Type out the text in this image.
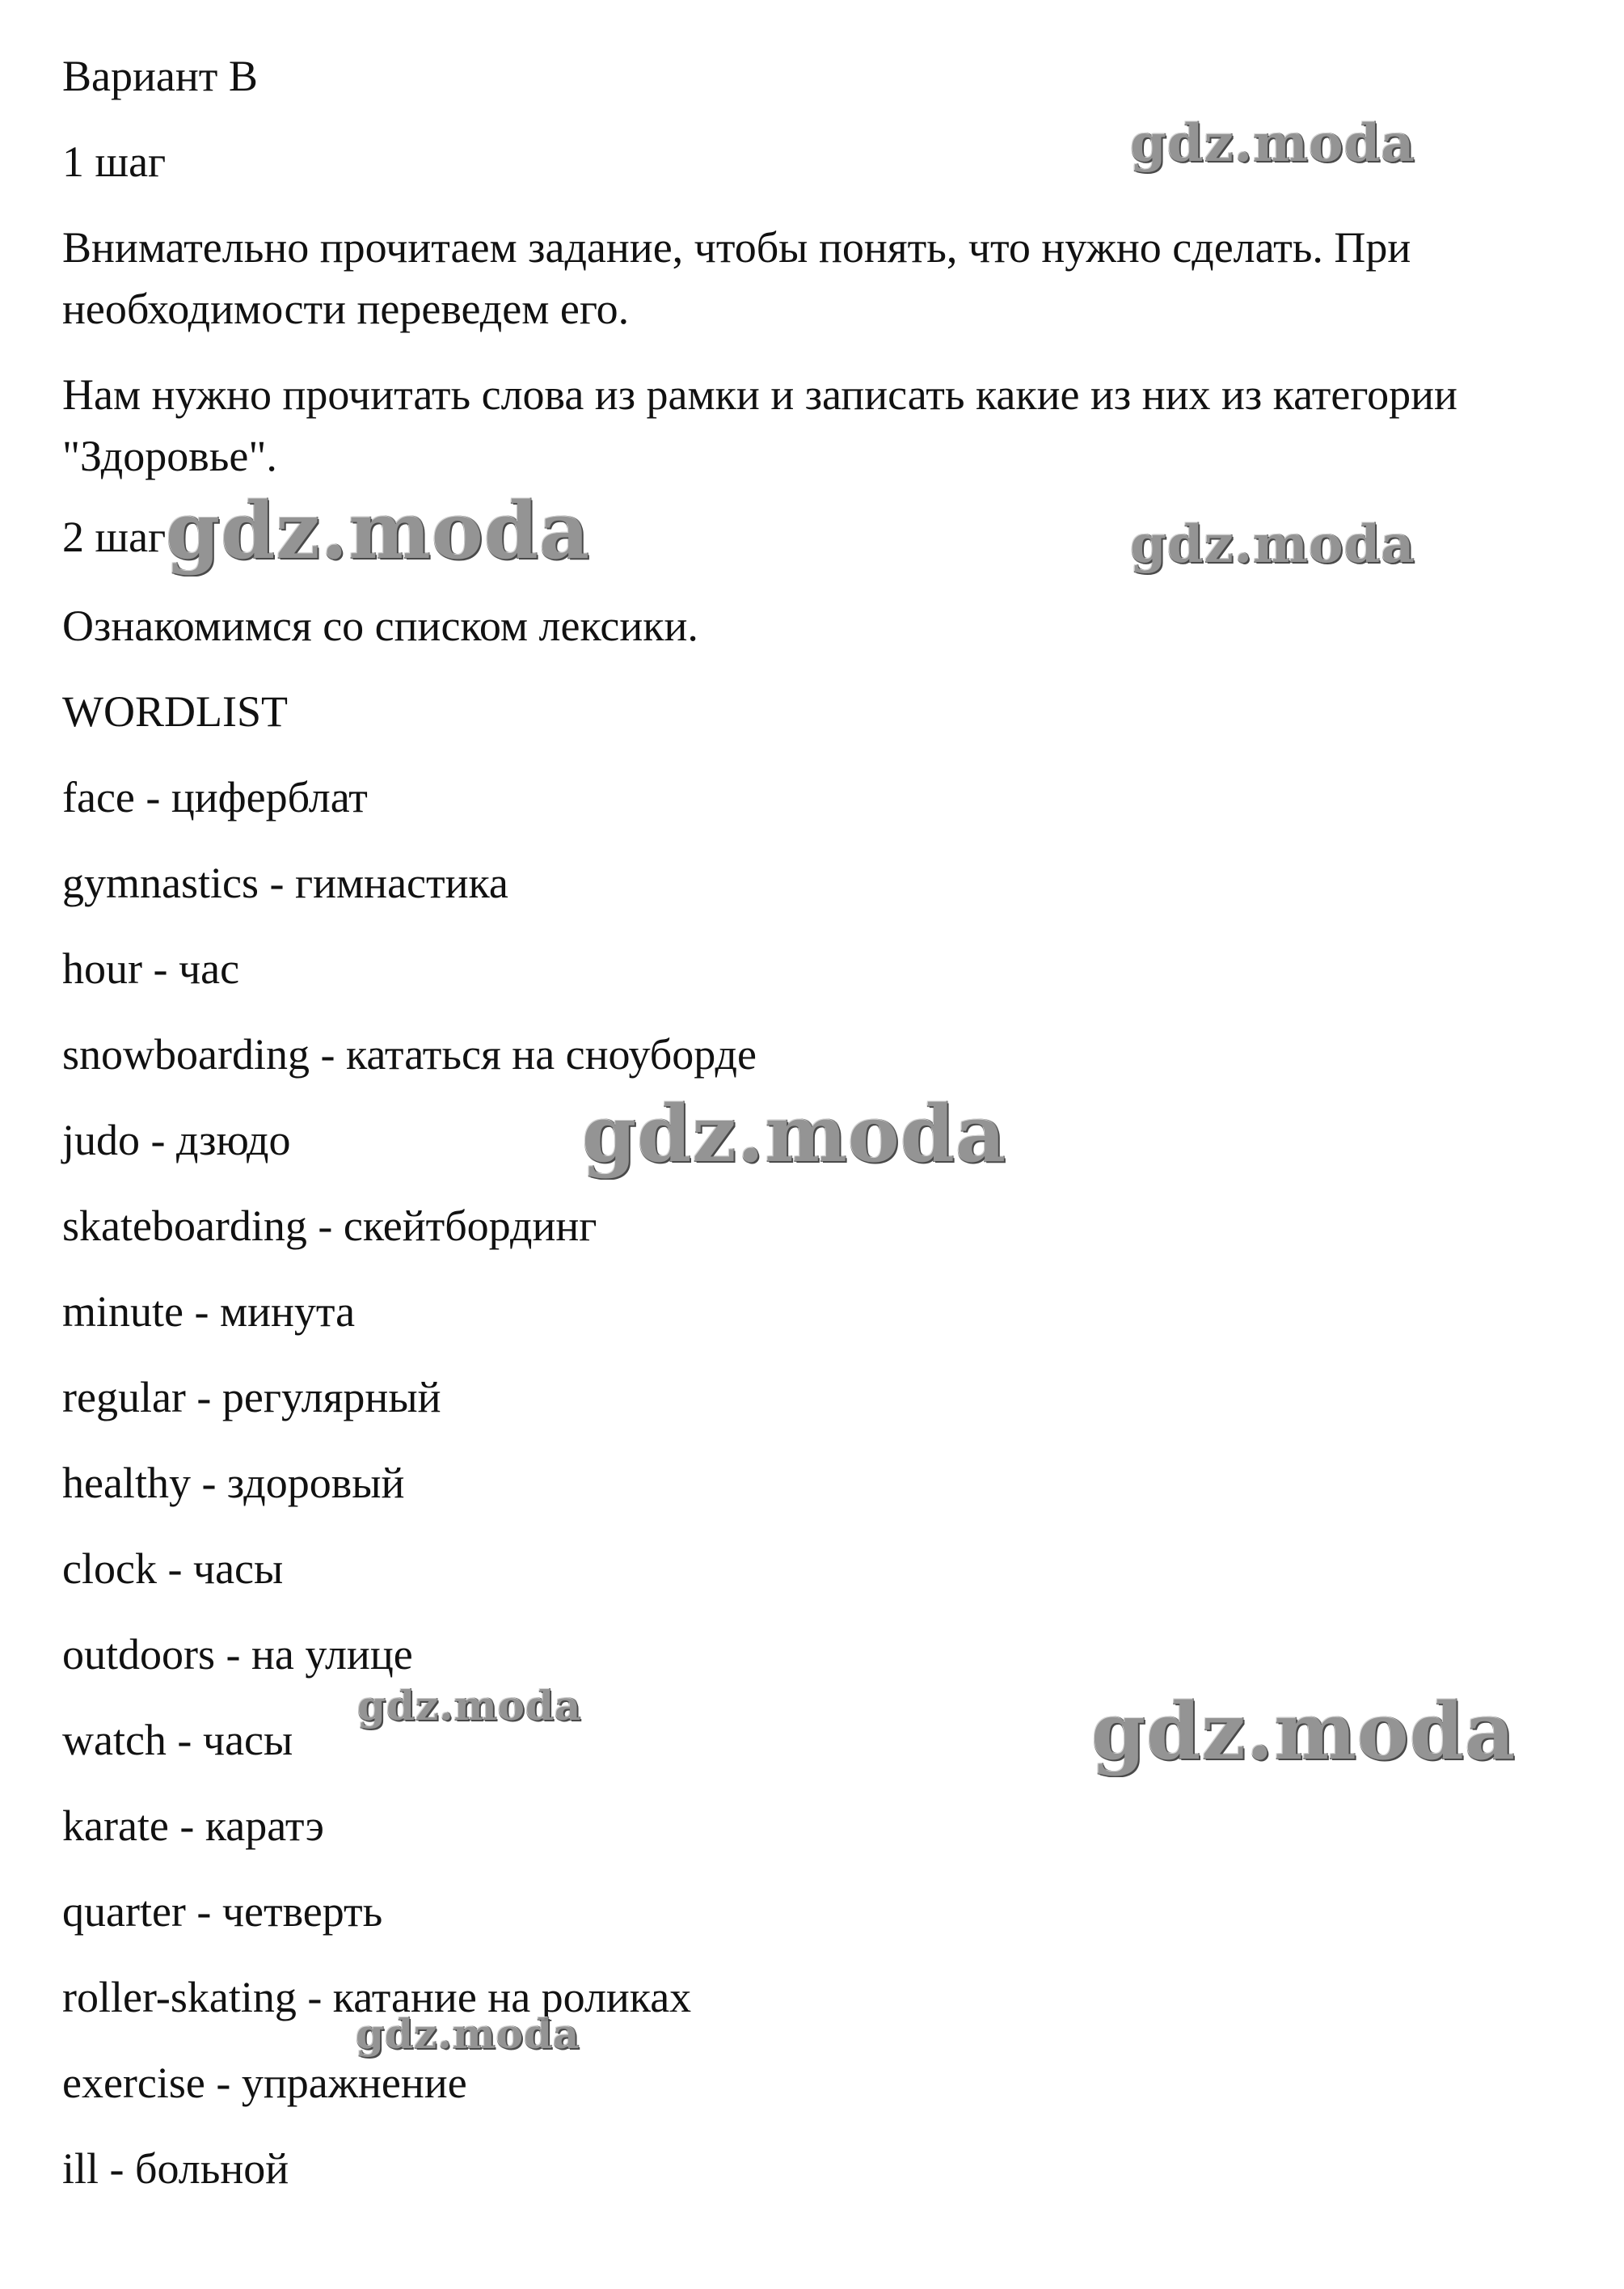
Вариант B
1 шаг
Внимательно прочитаем задание, чтобы понять, что нужно сделать. При необходимости переведем его.
Нам нужно прочитать слова из рамки и записать какие из них из категории "Здоровье".
2 шаг
Ознакомимся со списком лексики.
WORDLIST
face - циферблат
gymnastics - гимнастика
hour - час
snowboarding - кататься на сноуборде
judo - дзюдо
skateboarding - скейтбординг
minute - минута
regular - регулярный
healthy - здоровый
clock - часы
outdoors - на улице
watch - часы
karate - каратэ
quarter - четверть
roller-skating - катание на роликах
exercise - упражнение
ill - больной
gdz.moda
gdz.moda	gdz.moda
gdz.moda
gdz.moda	gdz.moda
gdz.moda
